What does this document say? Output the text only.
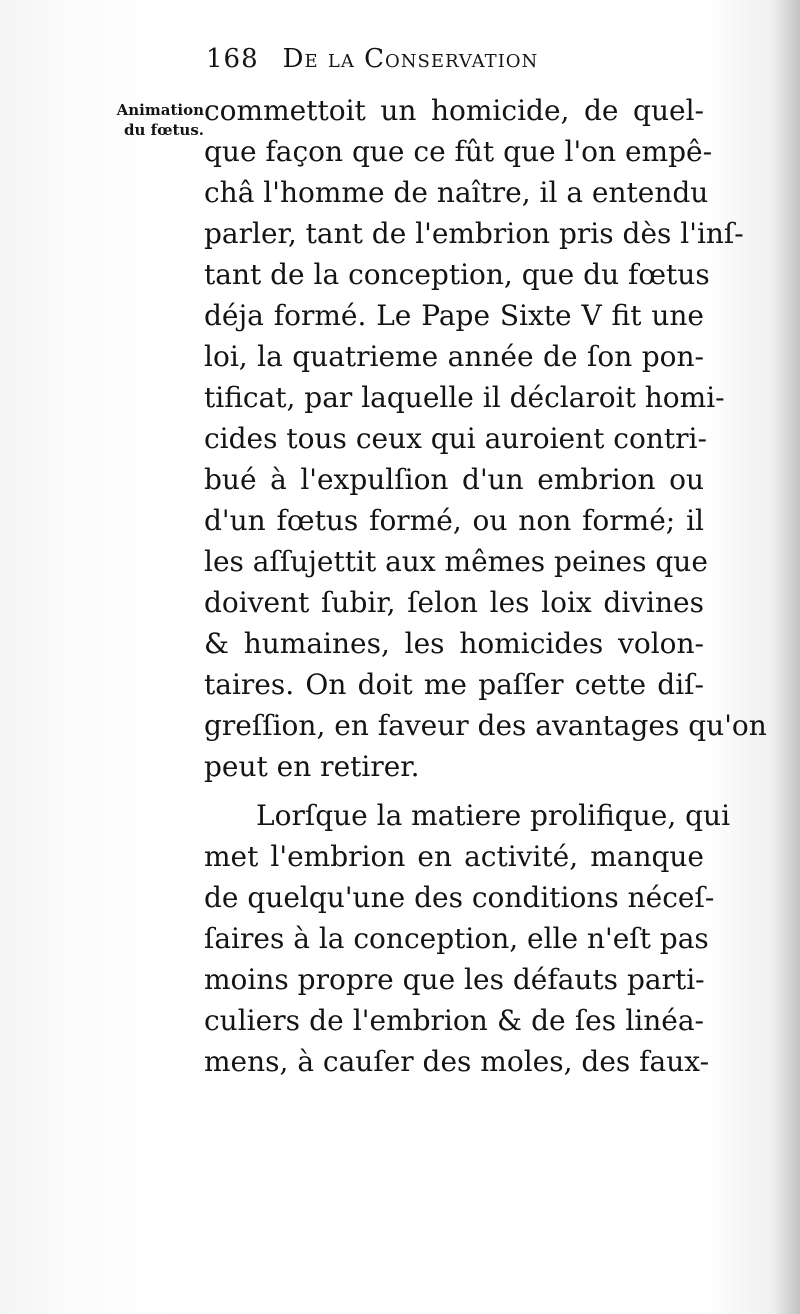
168 De la Conservation
Animation
du fœtus.
commettoit un homicide, de quel-
que façon que ce fût que l'on empê-
châ l'homme de naître, il a entendu
parler, tant de l'embrion pris dès l'inſ-
tant de la conception, que du fœtus
déja formé. Le Pape Sixte V fit une
loi, la quatrieme année de ſon pon-
tificat, par laquelle il déclaroit homi-
cides tous ceux qui auroient contri-
bué à l'expulſion d'un embrion ou
d'un fœtus formé, ou non formé; il
les aſſujettit aux mêmes peines que
doivent ſubir, ſelon les loix divines
& humaines, les homicides volon-
taires. On doit me paſſer cette diſ-
greſſion, en faveur des avantages qu'on
peut en retirer.
Lorſque la matiere prolifique, qui
met l'embrion en activité, manque
de quelqu'une des conditions néceſ-
ſaires à la conception, elle n'eſt pas
moins propre que les défauts parti-
culiers de l'embrion & de ſes linéa-
mens, à cauſer des moles, des faux-
